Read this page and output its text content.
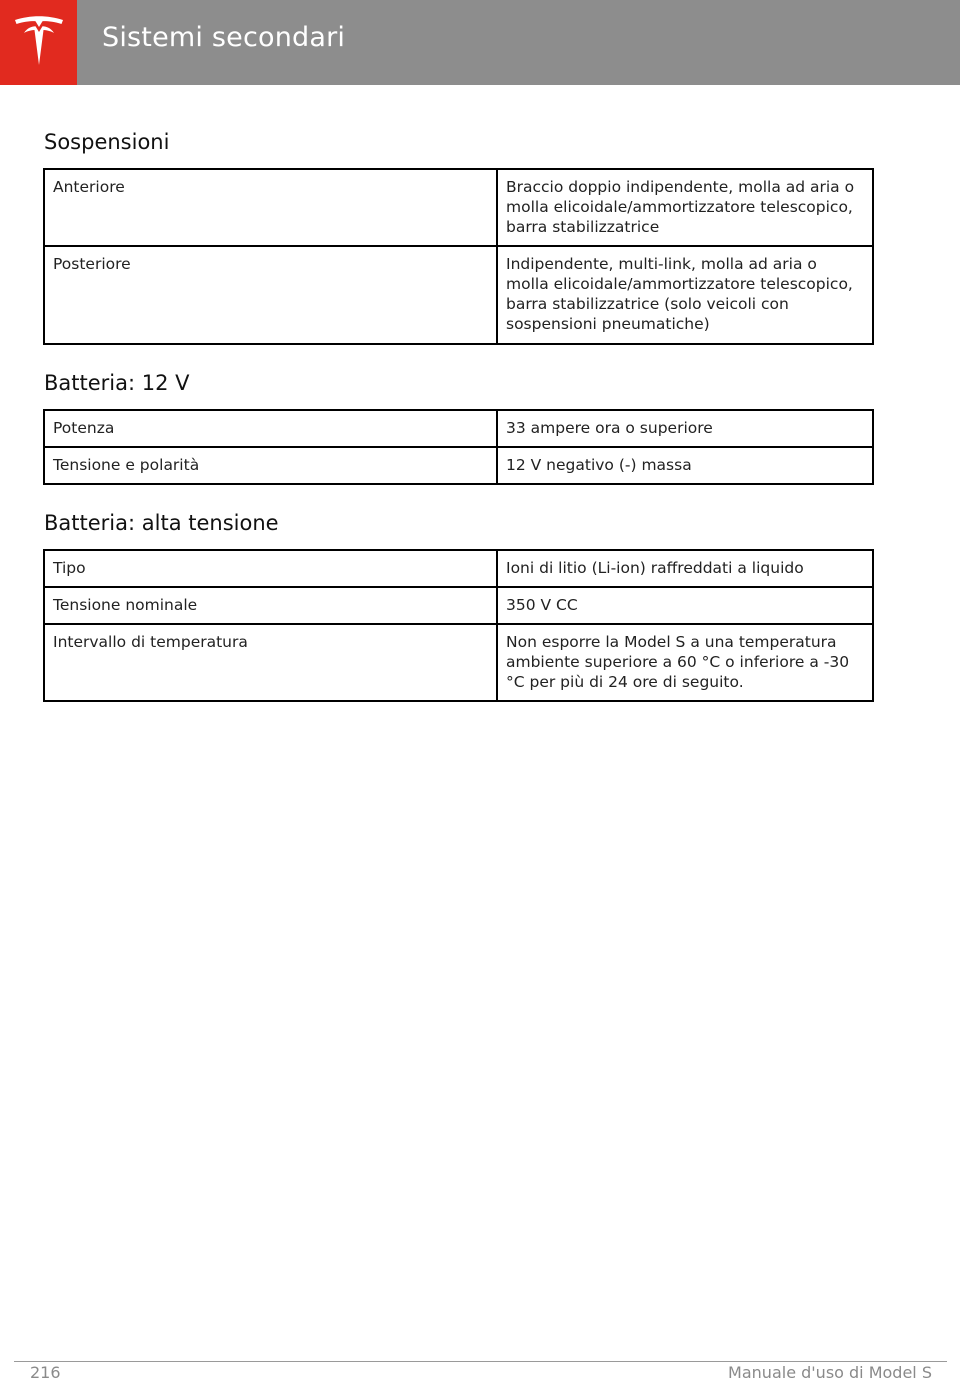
Sistemi secondari
Sospensioni
Anteriore	Braccio doppio indipendente, molla ad aria o molla elicoidale/ammortizzatore telescopico, barra stabilizzatrice
Posteriore	Indipendente, multi-link, molla ad aria o molla elicoidale/ammortizzatore telescopico, barra stabilizzatrice (solo veicoli con sospensioni pneumatiche)
Batteria: 12 V
Potenza	33 ampere ora o superiore
Tensione e polarità	12 V negativo (-) massa
Batteria: alta tensione
Tipo	Ioni di litio (Li-ion) raffreddati a liquido
Tensione nominale	350 V CC
Intervallo di temperatura	Non esporre la Model S a una temperatura ambiente superiore a 60 °C o inferiore a -30 °C per più di 24 ore di seguito.
216	Manuale d'uso di Model S
